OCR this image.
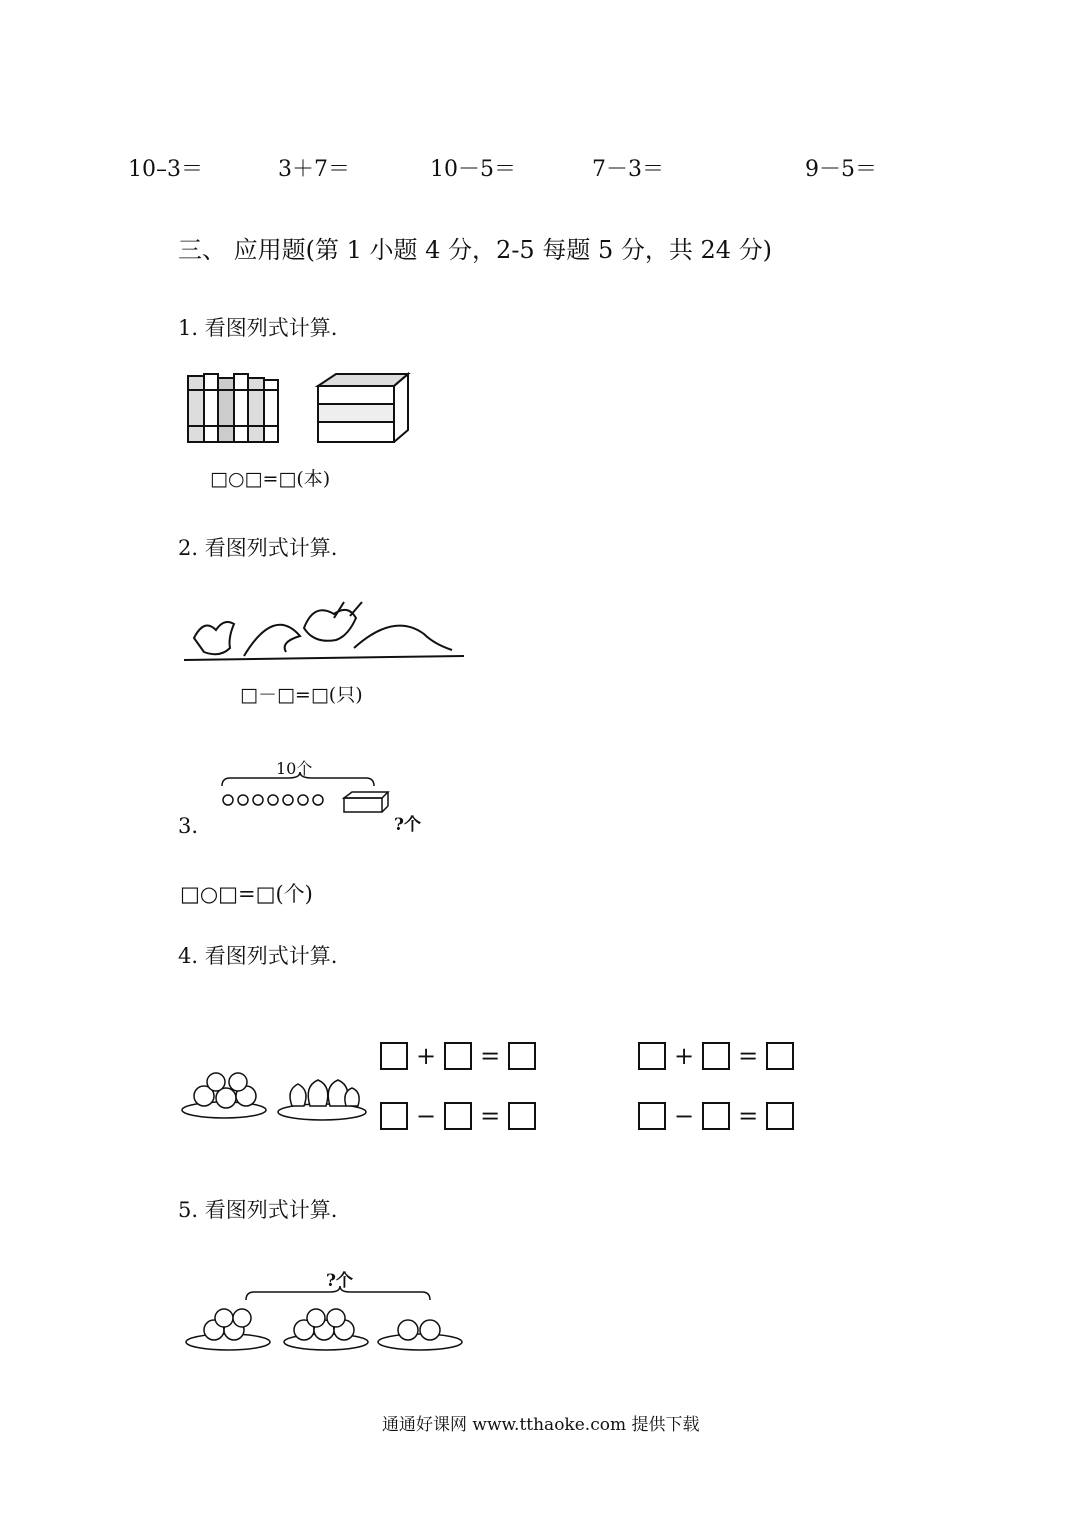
10–3＝	3＋7＝	10－5＝	7－3＝	9－5＝
三、 应用题(第 1 小题 4 分，2-5 每题 5 分，共 24 分)
1. 看图列式计算.
□○□=□(本)
2. 看图列式计算.
□－□=□(只)
10个
?个
3.
□○□=□(个)
4. 看图列式计算.
+ =	+ =
− =	− =
5. 看图列式计算.
?个
通通好课网 www.tthaoke.com 提供下载
